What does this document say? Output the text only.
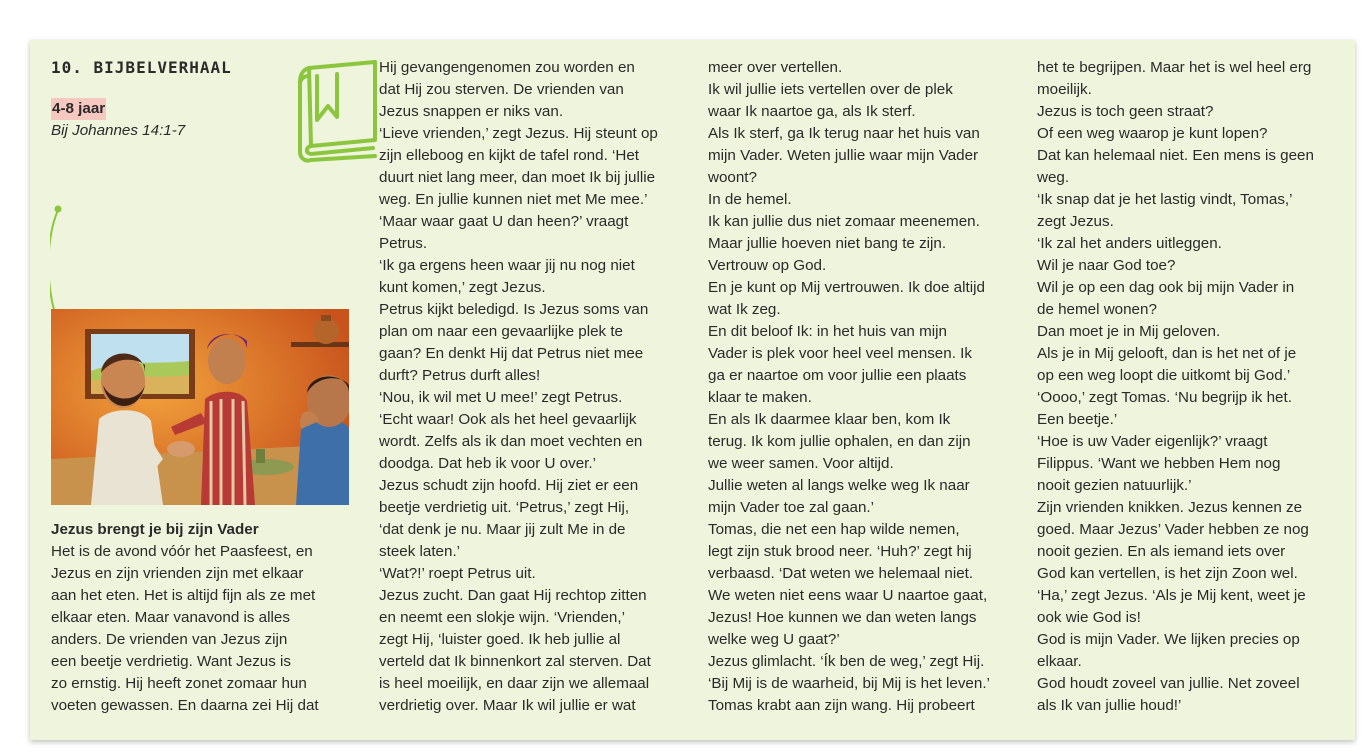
10. BIJBELVERHAAL

4-8 jaar

Bij Johannes 14:1-7

Jezus brengt je bij zijn Vader

Het is de avond vóór het Paasfeest, en

Jezus en zijn vrienden zijn met elkaar

aan het eten. Het is altijd fijn als ze met

elkaar eten. Maar vanavond is alles

anders. De vrienden van Jezus zijn

een beetje verdrietig. Want Jezus is

zo ernstig. Hij heeft zonet zomaar hun

voeten gewassen. En daarna zei Hij dat

Hij gevangengenomen zou worden en

dat Hij zou sterven. De vrienden van

Jezus snappen er niks van.

‘Lieve vrienden,’ zegt Jezus. Hij steunt op

zijn elleboog en kijkt de tafel rond. ‘Het

duurt niet lang meer, dan moet Ik bij jullie

weg. En jullie kunnen niet met Me mee.’

‘Maar waar gaat U dan heen?’ vraagt

Petrus.

‘Ik ga ergens heen waar jij nu nog niet

kunt komen,’ zegt Jezus.

Petrus kijkt beledigd. Is Jezus soms van

plan om naar een gevaarlijke plek te

gaan? En denkt Hij dat Petrus niet mee

durft? Petrus durft alles!

‘Nou, ik wil met U mee!’ zegt Petrus.

‘Echt waar! Ook als het heel gevaarlijk

wordt. Zelfs als ik dan moet vechten en

doodga. Dat heb ik voor U over.’

Jezus schudt zijn hoofd. Hij ziet er een

beetje verdrietig uit. ‘Petrus,’ zegt Hij,

‘dat denk je nu. Maar jij zult Me in de

steek laten.’

‘Wat?!’ roept Petrus uit.

Jezus zucht. Dan gaat Hij rechtop zitten

en neemt een slokje wijn. ‘Vrienden,’

zegt Hij, ‘luister goed. Ik heb jullie al

verteld dat Ik binnenkort zal sterven. Dat

is heel moeilijk, en daar zijn we allemaal

verdrietig over. Maar Ik wil jullie er wat

meer over vertellen.

Ik wil jullie iets vertellen over de plek

waar Ik naartoe ga, als Ik sterf.

Als Ik sterf, ga Ik terug naar het huis van

mijn Vader. Weten jullie waar mijn Vader

woont?

In de hemel.

Ik kan jullie dus niet zomaar meenemen.

Maar jullie hoeven niet bang te zijn.

Vertrouw op God.

En je kunt op Mij vertrouwen. Ik doe altijd

wat Ik zeg.

En dit beloof Ik: in het huis van mijn

Vader is plek voor heel veel mensen. Ik

ga er naartoe om voor jullie een plaats

klaar te maken.

En als Ik daarmee klaar ben, kom Ik

terug. Ik kom jullie ophalen, en dan zijn

we weer samen. Voor altijd.

Jullie weten al langs welke weg Ik naar

mijn Vader toe zal gaan.’

Tomas, die net een hap wilde nemen,

legt zijn stuk brood neer. ‘Huh?’ zegt hij

verbaasd. ‘Dat weten we helemaal niet.

We weten niet eens waar U naartoe gaat,

Jezus! Hoe kunnen we dan weten langs

welke weg U gaat?’

Jezus glimlacht. ‘Ík ben de weg,’ zegt Hij.

‘Bij Mij is de waarheid, bij Mij is het leven.’

Tomas krabt aan zijn wang. Hij probeert

het te begrijpen. Maar het is wel heel erg

moeilijk.

Jezus is toch geen straat?

Of een weg waarop je kunt lopen?

Dat kan helemaal niet. Een mens is geen

weg.

‘Ik snap dat je het lastig vindt, Tomas,’

zegt Jezus.

‘Ik zal het anders uitleggen.

Wil je naar God toe?

Wil je op een dag ook bij mijn Vader in

de hemel wonen?

Dan moet je in Mij geloven.

Als je in Mij gelooft, dan is het net of je

op een weg loopt die uitkomt bij God.’

‘Oooo,’ zegt Tomas. ‘Nu begrijp ik het.

Een beetje.’

‘Hoe is uw Vader eigenlijk?’ vraagt

Filippus. ‘Want we hebben Hem nog

nooit gezien natuurlijk.’

Zijn vrienden knikken. Jezus kennen ze

goed. Maar Jezus’ Vader hebben ze nog

nooit gezien. En als iemand iets over

God kan vertellen, is het zijn Zoon wel.

‘Ha,’ zegt Jezus. ‘Als je Mij kent, weet je

ook wie God is!

God is mijn Vader. We lijken precies op

elkaar.

God houdt zoveel van jullie. Net zoveel

als Ik van jullie houd!’
